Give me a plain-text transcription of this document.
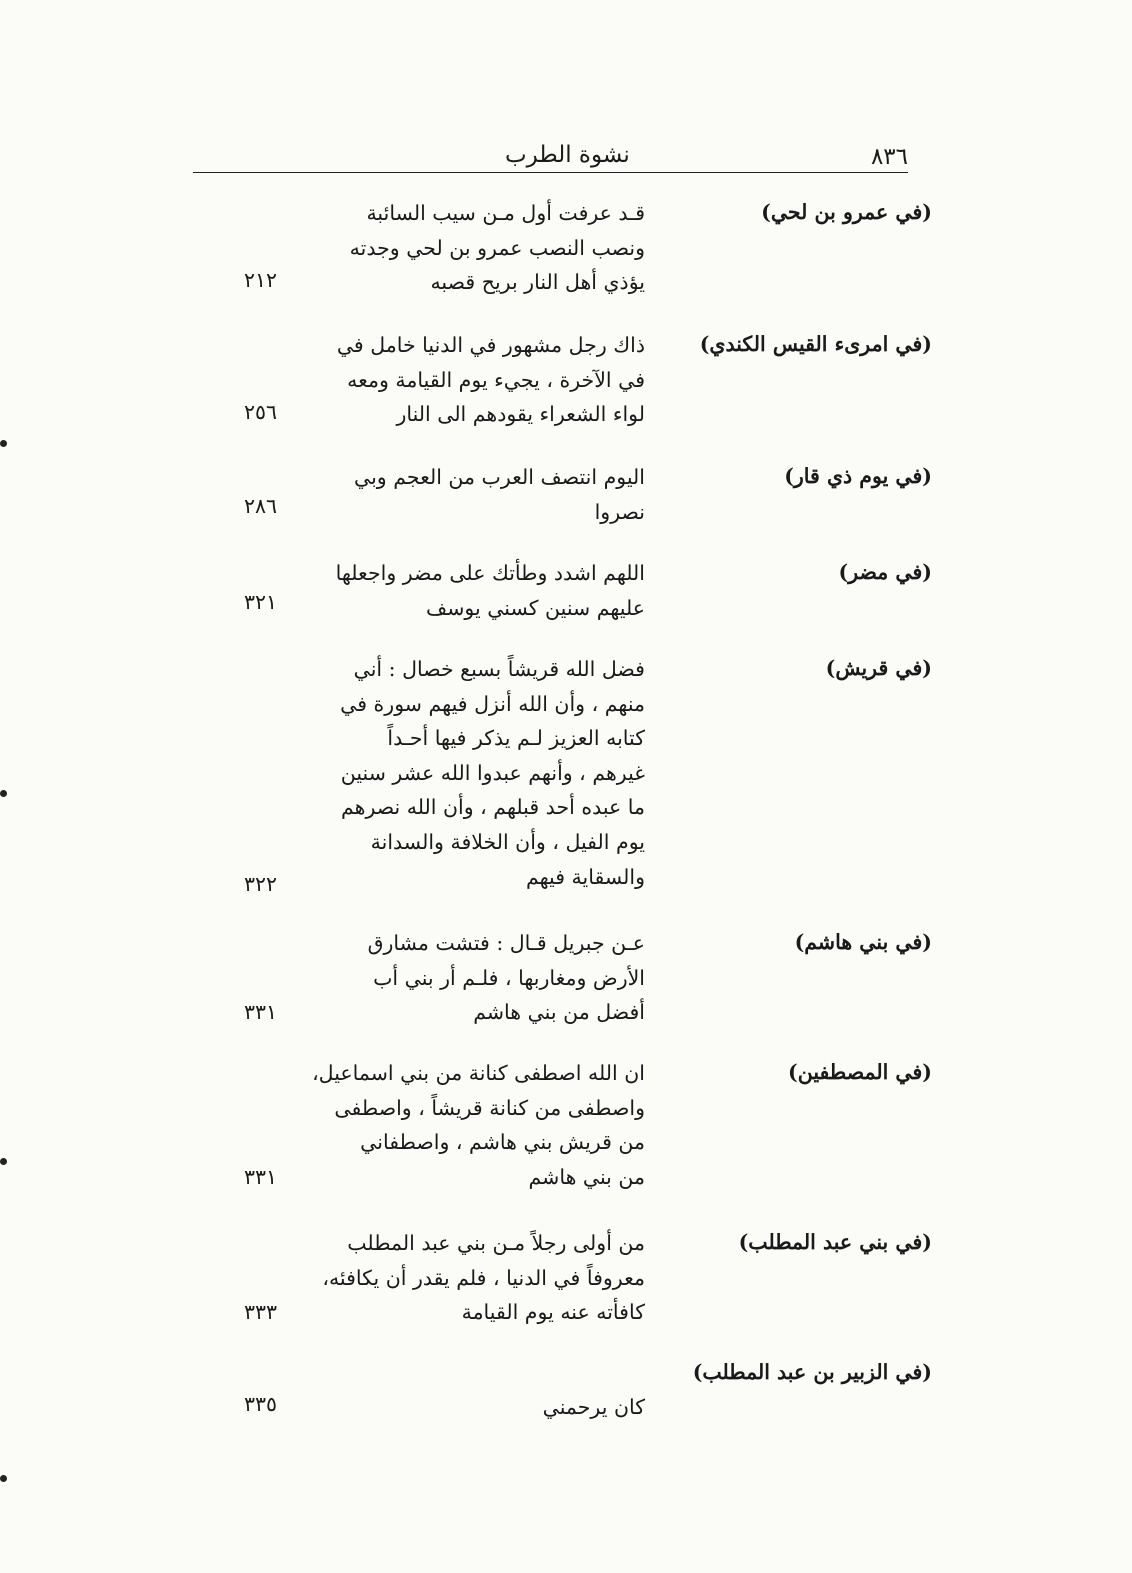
٨٣٦
نشوة الطرب
(في عمرو بن لحي)
قـد عرفت أول مـن سيب السائبة
ونصب النصب عمرو بن لحي وجدته
يؤذي أهل النار بريح قصبه
٢١٢
(في امرىء القيس الكندي)
ذاك رجل مشهور في الدنيا خامل في
في الآخرة ، يجيء يوم القيامة ومعه
لواء الشعراء يقودهم الى النار
٢٥٦
(في يوم ذي قار)
اليوم انتصف العرب من العجم وبي
نصروا
٢٨٦
(في مضر)
اللهم اشدد وطأتك على مضر واجعلها
عليهم سنين كسني يوسف
٣٢١
(في قريش)
فضل الله قريشاً بسبع خصال : أني
منهم ، وأن الله أنزل فيهم سورة في
كتابه العزيز لـم يذكر فيها أحـداً
غيرهم ، وأنهم عبدوا الله عشر سنين
ما عبده أحد قبلهم ، وأن الله نصرهم
يوم الفيل ، وأن الخلافة والسدانة
والسقاية فيهم
٣٢٢
(في بني هاشم)
عـن جبريل قـال : فتشت مشارق
الأرض ومغاربها ، فلـم أر بني أب
أفضل من بني هاشم
٣٣١
(في المصطفين)
ان الله اصطفى كنانة من بني اسماعيل،
واصطفى من كنانة قريشاً ، واصطفى
من قريش بني هاشم ، واصطفاني
من بني هاشم
٣٣١
(في بني عبد المطلب)
من أولى رجلاً مـن بني عبد المطلب
معروفاً في الدنيا ، فلم يقدر أن يكافئه،
كافأته عنه يوم القيامة
٣٣٣
(في الزبير بن عبد المطلب)
كان يرحمني
٣٣٥
